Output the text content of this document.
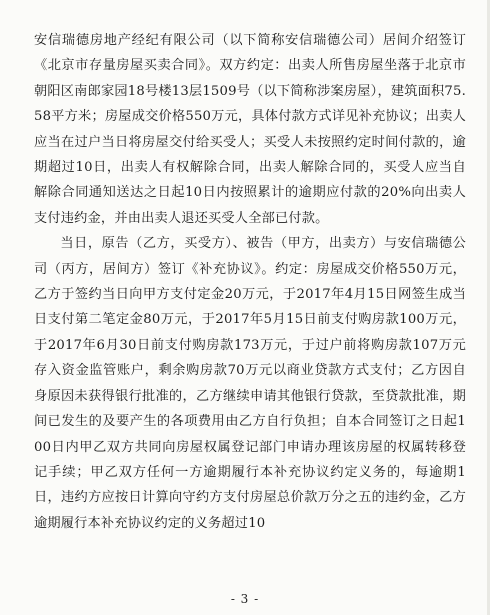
安信瑞德房地产经纪有限公司（以下简称安信瑞德公司）居间介绍签订《北京市存量房屋买卖合同》。双方约定：出卖人所售房屋坐落于北京市朝阳区南郎家园18号楼13层1509号（以下简称涉案房屋），建筑面积75.58平方米；房屋成交价格550万元，具体付款方式详见补充协议；出卖人应当在过户当日将房屋交付给买受人；买受人未按照约定时间付款的，逾期超过10日，出卖人有权解除合同，出卖人解除合同的，买受人应当自解除合同通知送达之日起10日内按照累计的逾期应付款的20%向出卖人支付违约金，并由出卖人退还买受人全部已付款。

当日，原告（乙方，买受方）、被告（甲方，出卖方）与安信瑞德公司（丙方，居间方）签订《补充协议》。约定：房屋成交价格550万元，乙方于签约当日向甲方支付定金20万元，于2017年4月15日网签生成当日支付第二笔定金80万元，于2017年5月15日前支付购房款100万元，于2017年6月30日前支付购房款173万元，于过户前将购房款107万元存入资金监管账户，剩余购房款70万元以商业贷款方式支付；乙方因自身原因未获得银行批准的，乙方继续申请其他银行贷款，至贷款批准，期间已发生的及要产生的各项费用由乙方自行负担；自本合同签订之日起100日内甲乙双方共同向房屋权属登记部门申请办理该房屋的权属转移登记手续；甲乙双方任何一方逾期履行本补充协议约定义务的，每逾期1日，违约方应按日计算向守约方支付房屋总价款万分之五的违约金，乙方逾期履行本补充协议约定的义务超过10

- 3 -
